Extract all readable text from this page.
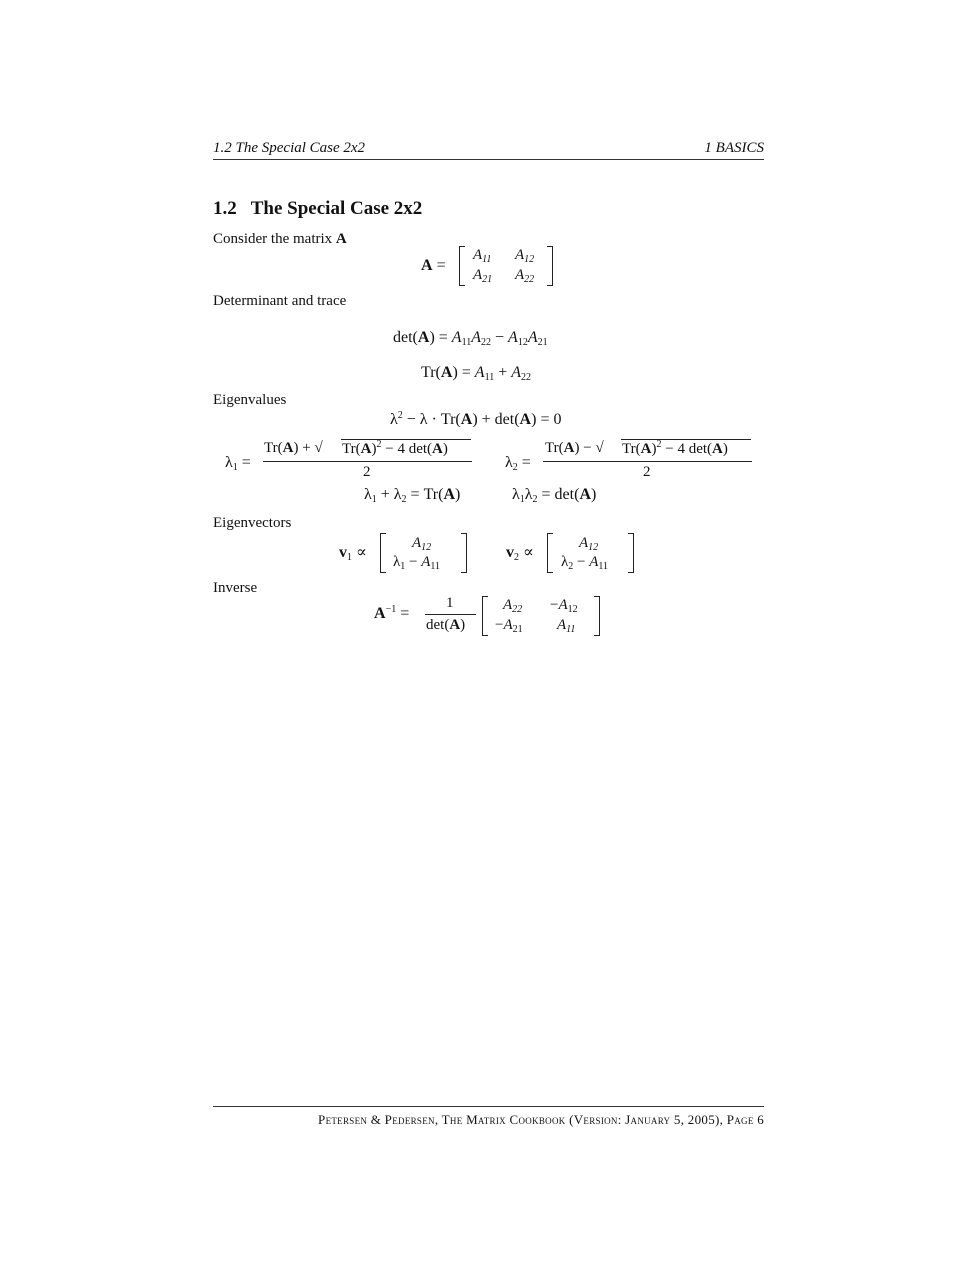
1.2 The Special Case 2x2	1 BASICS
1.2 The Special Case 2x2
Consider the matrix A
A =
$A_{11}$ $A_{12}$
$A_{21}$ $A_{22}$
Determinant and trace
$\det(A) = A_{11}A_{22} - A_{12}A_{21}$
$Tr(A) = A_{11} + A_{22}$
Eigenvalues
$\lambda^2 - \lambda \cdot Tr(A) + \det(A) = 0$
$\lambda_1$ =
Tr(A) + √ $Tr(A)^2 - 4$ det(A)
2
$\lambda_2$ =
Tr(A) − √ $Tr(A)^2 - 4$ det(A)
2
$\lambda_1 + \lambda_2 = Tr(A)$	$\lambda_1\lambda_2 = \det(A)$
Eigenvectors
$v_1$ ∝
$A_{12}$
$\lambda_1 - A_{11}$
$v_2$ ∝
$A_{12}$
$\lambda_2 - A_{11}$
Inverse
$A^{-1}$ =
1
det(A)
$A_{22} -A_{12}$
$-A_{21}$ $A_{11}$
Petersen & Pedersen, The Matrix Cookbook (Version: January 5, 2005), Page 6
